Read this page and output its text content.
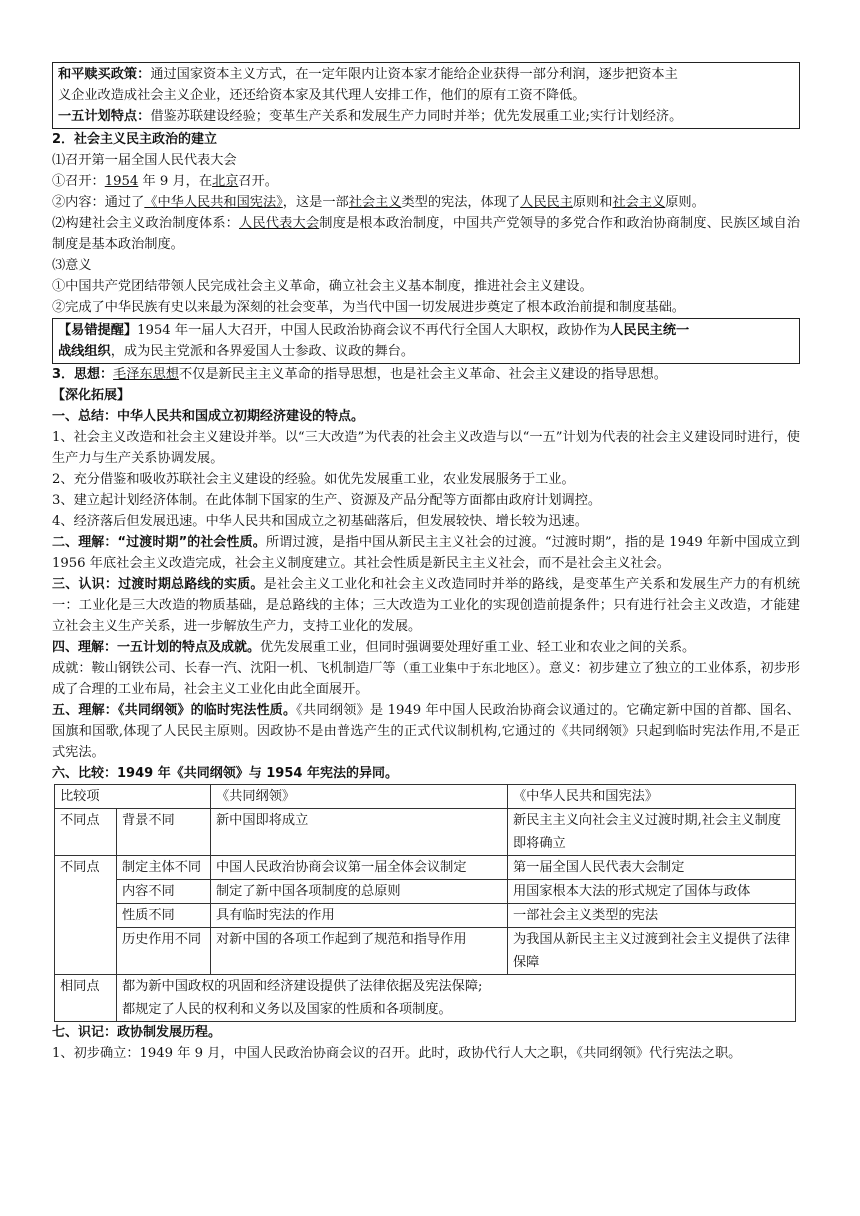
和平赎买政策：通过国家资本主义方式，在一定年限内让资本家才能给企业获得一部分利润，逐步把资本主
义企业改造成社会主义企业，还还给资本家及其代理人安排工作，他们的原有工资不降低。
一五计划特点：借鉴苏联建设经验；变革生产关系和发展生产力同时并举；优先发展重工业;实行计划经济。
2．社会主义民主政治的建立
⑴召开第一届全国人民代表大会
①召开：1954 年 9 月，在北京召开。
②内容：通过了《中华人民共和国宪法》，这是一部社会主义类型的宪法，体现了人民民主原则和社会主义原则。
⑵构建社会主义政治制度体系：人民代表大会制度是根本政治制度，中国共产党领导的多党合作和政治协商制度、民族区域自治制度是基本政治制度。
⑶意义
①中国共产党团结带领人民完成社会主义革命，确立社会主义基本制度，推进社会主义建设。
②完成了中华民族有史以来最为深刻的社会变革，为当代中国一切发展进步奠定了根本政治前提和制度基础。
【易错提醒】1954 年一届人大召开，中国人民政治协商会议不再代行全国人大职权，政协作为人民民主统一
战线组织，成为民主党派和各界爱国人士参政、议政的舞台。
3．思想：毛泽东思想不仅是新民主主义革命的指导思想，也是社会主义革命、社会主义建设的指导思想。
【深化拓展】
一、总结：中华人民共和国成立初期经济建设的特点。
1、社会主义改造和社会主义建设并举。以“三大改造”为代表的社会主义改造与以“一五”计划为代表的社会主义建设同时进行，使生产力与生产关系协调发展。
2、充分借鉴和吸收苏联社会主义建设的经验。如优先发展重工业，农业发展服务于工业。
3、建立起计划经济体制。在此体制下国家的生产、资源及产品分配等方面都由政府计划调控。
4、经济落后但发展迅速。中华人民共和国成立之初基础落后，但发展较快、增长较为迅速。
二、理解：“过渡时期”的社会性质。所谓过渡，是指中国从新民主主义社会的过渡。“过渡时期”，指的是 1949 年新中国成立到 1956 年底社会主义改造完成，社会主义制度建立。其社会性质是新民主主义社会，而不是社会主义社会。
三、认识：过渡时期总路线的实质。是社会主义工业化和社会主义改造同时并举的路线，是变革生产关系和发展生产力的有机统一：工业化是三大改造的物质基础，是总路线的主体；三大改造为工业化的实现创造前提条件；只有进行社会主义改造，才能建立社会主义生产关系，进一步解放生产力，支持工业化的发展。
四、理解：一五计划的特点及成就。优先发展重工业，但同时强调要处理好重工业、轻工业和农业之间的关系。
成就：鞍山钢铁公司、长春一汽、沈阳一机、飞机制造厂等（重工业集中于东北地区）。意义：初步建立了独立的工业体系，初步形成了合理的工业布局，社会主义工业化由此全面展开。
五、理解：《共同纲领》的临时宪法性质。《共同纲领》是 1949 年中国人民政治协商会议通过的。它确定新中国的首都、国名、国旗和国歌,体现了人民民主原则。因政协不是由普选产生的正式代议制机构,它通过的《共同纲领》只起到临时宪法作用,不是正式宪法。
六、比较：1949 年《共同纲领》与 1954 年宪法的异同。
比较项		《共同纲领》	《中华人民共和国宪法》
不同点	背景不同	新中国即将成立	新民主主义向社会主义过渡时期,社会主义制度即将确立
不同点	制定主体不同	中国人民政治协商会议第一届全体会议制定	第一届全国人民代表大会制定
	内容不同	制定了新中国各项制度的总原则	用国家根本大法的形式规定了国体与政体
	性质不同	具有临时宪法的作用	一部社会主义类型的宪法
	历史作用不同	对新中国的各项工作起到了规范和指导作用	为我国从新民主主义过渡到社会主义提供了法律保障
相同点	都为新中国政权的巩固和经济建设提供了法律依据及宪法保障;
都规定了人民的权利和义务以及国家的性质和各项制度。		
七、识记：政协制发展历程。
1、初步确立：1949 年 9 月，中国人民政治协商会议的召开。此时，政协代行人大之职，《共同纲领》代行宪法之职。
